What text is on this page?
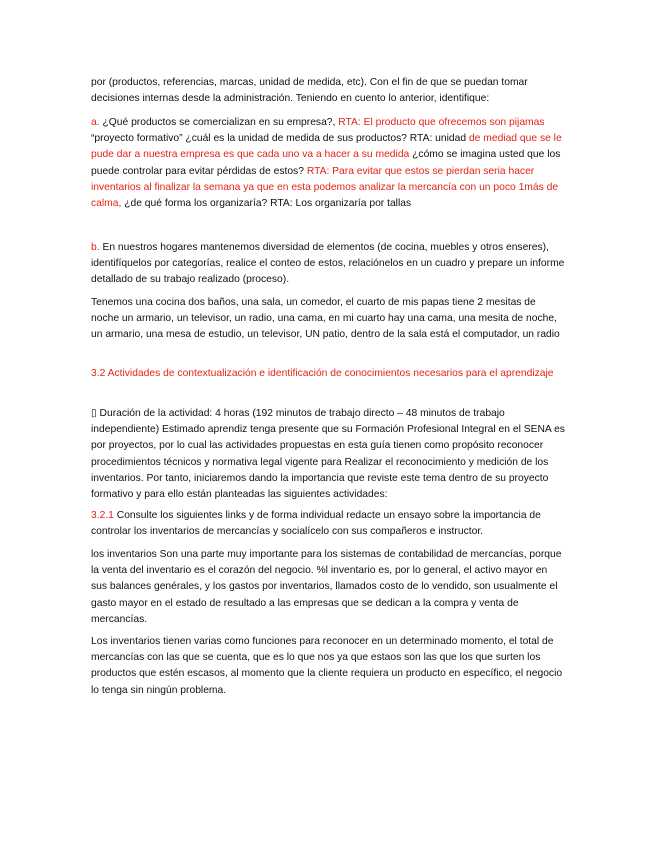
por (productos, referencias, marcas, unidad de medida, etc). Con el fin de que se puedan tomar decisiones internas desde la administración. Teniendo en cuento lo anterior, identifique:

a. ¿Qué productos se comercializan en su empresa?, RTA: El producto que ofrecemos son pijamas “proyecto formativo” ¿cuál es la unidad de medida de sus productos? RTA: unidad de mediad que se le pude dar a nuestra empresa es que cada uno va a hacer a su medida ¿cómo se imagina usted que los puede controlar para evitar pérdidas de estos? RTA: Para evitar que estos se pierdan seria hacer inventarios al finalizar la semana ya que en esta podemos analizar la mercancía con un poco 1más de calma, ¿de qué forma los organizaría? RTA: Los organizaría por tallas

b. En nuestros hogares mantenemos diversidad de elementos (de cocina, muebles y otros enseres), identifíquelos por categorías, realice el conteo de estos, relaciónelos en un cuadro y prepare un informe detallado de su trabajo realizado (proceso).

Tenemos una cocina dos baños, una sala, un comedor, el cuarto de mis papas tiene 2 mesitas de noche un armario, un televisor, un radio, una cama, en mi cuarto hay una cama, una mesita de noche, un armario, una mesa de estudio, un televisor, UN patio, dentro de la sala está el computador, un radio

3.2 Actividades de contextualización e identificación de conocimientos necesarios para el aprendizaje

▯ Duración de la actividad: 4 horas (192 minutos de trabajo directo – 48 minutos de trabajo independiente) Estimado aprendiz tenga presente que su Formación Profesional Integral en el SENA es por proyectos, por lo cual las actividades propuestas en esta guía tienen como propósito reconocer procedimientos técnicos y normativa legal vigente para Realizar el reconocimiento y medición de los inventarios. Por tanto, iniciaremos dando la importancia que reviste este tema dentro de su proyecto formativo y para ello están planteadas las siguientes actividades:

3.2.1 Consulte los siguientes links y de forma individual redacte un ensayo sobre la importancia de controlar los inventarios de mercancías y socialícelo con sus compañeros e instructor.

los inventarios Son una parte muy importante para los sistemas de contabilidad de mercancías, porque la venta del inventario es el corazón del negocio. %l inventario es, por lo general, el activo mayor en sus balances genérales, y los gastos por inventarios, llamados costo de lo vendido, son usualmente el gasto mayor en el estado de resultado a las empresas que se dedican a la compra y venta de mercancías.

Los inventarios tienen varias como funciones para reconocer en un determinado momento, el total de mercancías con las que se cuenta, que es lo que nos ya que estaos son las que los que surten los productos que estén escasos, al momento que la cliente requiera un producto en específico, el negocio lo tenga sin ningún problema.
